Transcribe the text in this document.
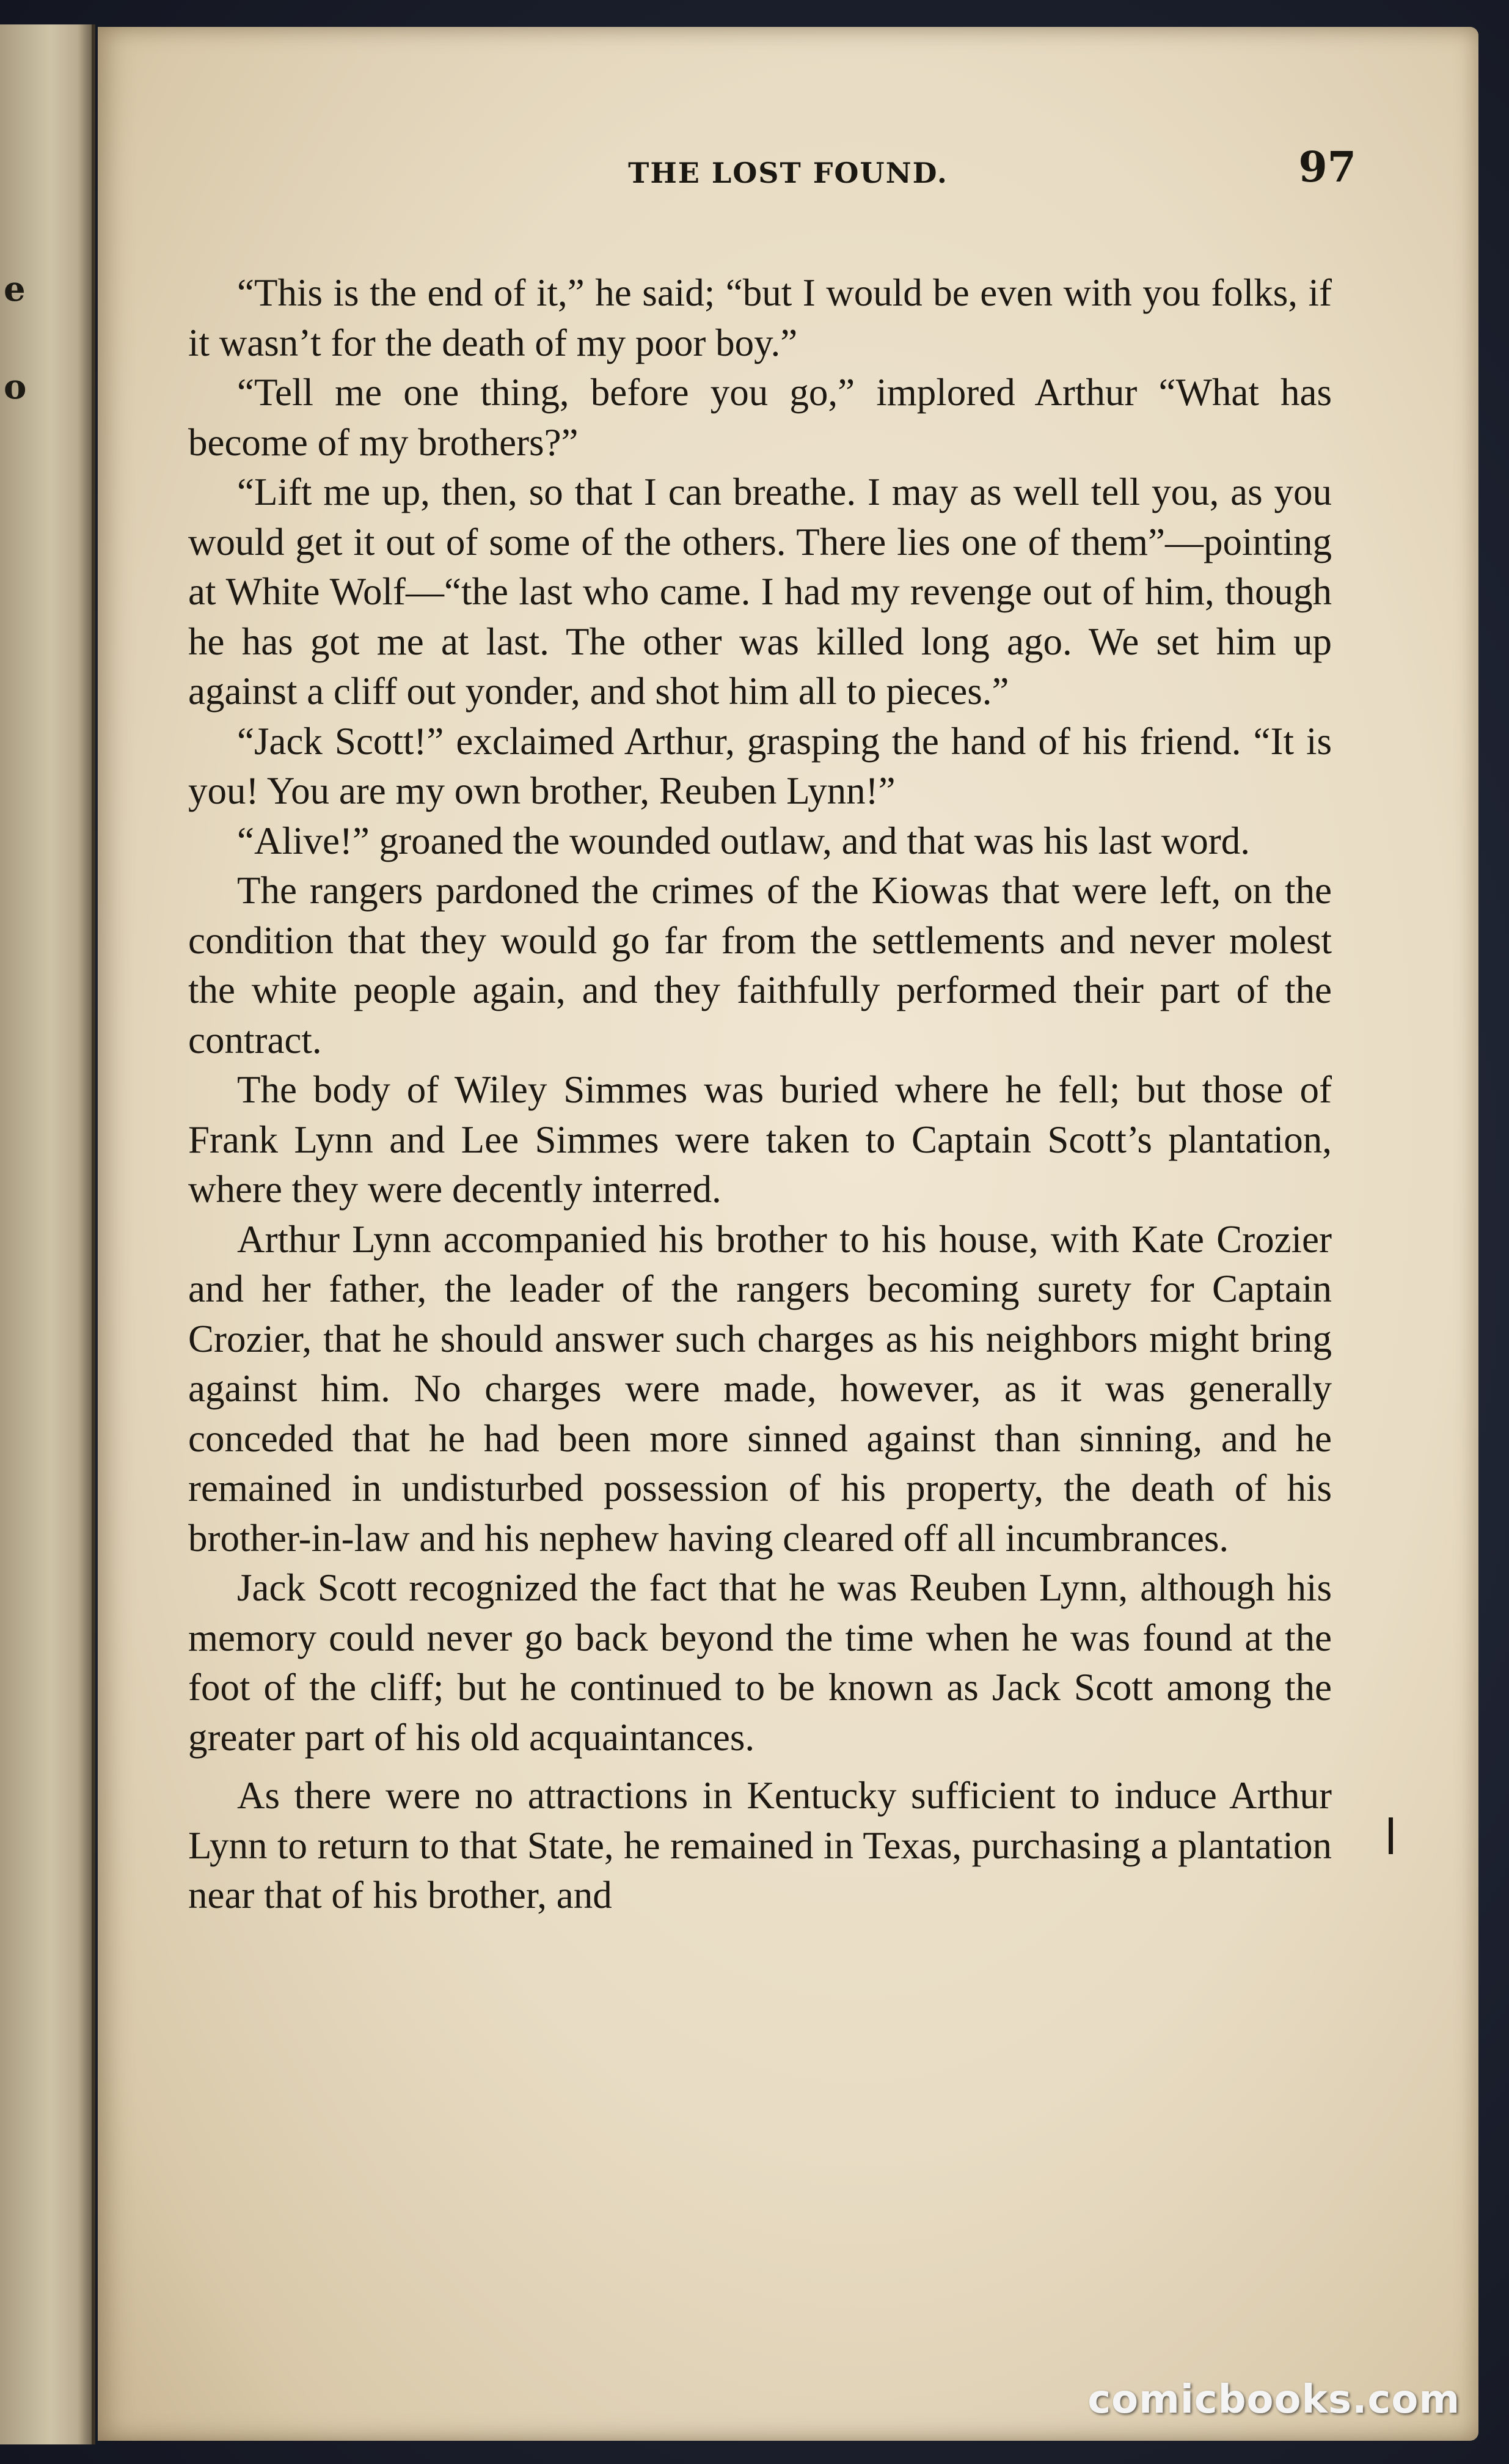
e
o
THE LOST FOUND.	97

“This is the end of it,” he said; “but I would be even with you folks, if it wasn’t for the death of my poor boy.”

“Tell me one thing, before you go,” implored Arthur “What has become of my brothers?”

“Lift me up, then, so that I can breathe. I may as well tell you, as you would get it out of some of the others. There lies one of them”—pointing at White Wolf—“the last who came. I had my revenge out of him, though he has got me at last. The other was killed long ago. We set him up against a cliff out yonder, and shot him all to pieces.”

“Jack Scott!” exclaimed Arthur, grasping the hand of his friend. “It is you! You are my own brother, Reuben Lynn!”

“Alive!” groaned the wounded outlaw, and that was his last word.

The rangers pardoned the crimes of the Kiowas that were left, on the condition that they would go far from the settlements and never molest the white people again, and they faithfully performed their part of the contract.

The body of Wiley Simmes was buried where he fell; but those of Frank Lynn and Lee Simmes were taken to Captain Scott’s plantation, where they were decently interred.

Arthur Lynn accompanied his brother to his house, with Kate Crozier and her father, the leader of the rangers becoming surety for Captain Crozier, that he should answer such charges as his neighbors might bring against him. No charges were made, however, as it was generally conceded that he had been more sinned against than sinning, and he remained in undisturbed possession of his property, the death of his brother-in-law and his nephew having cleared off all incumbrances.

Jack Scott recognized the fact that he was Reuben Lynn, although his memory could never go back beyond the time when he was found at the foot of the cliff; but he continued to be known as Jack Scott among the greater part of his old acquaintances.

As there were no attractions in Kentucky sufficient to induce Arthur Lynn to return to that State, he remained in Texas, purchasing a plantation near that of his brother, and

comicbooks.com
